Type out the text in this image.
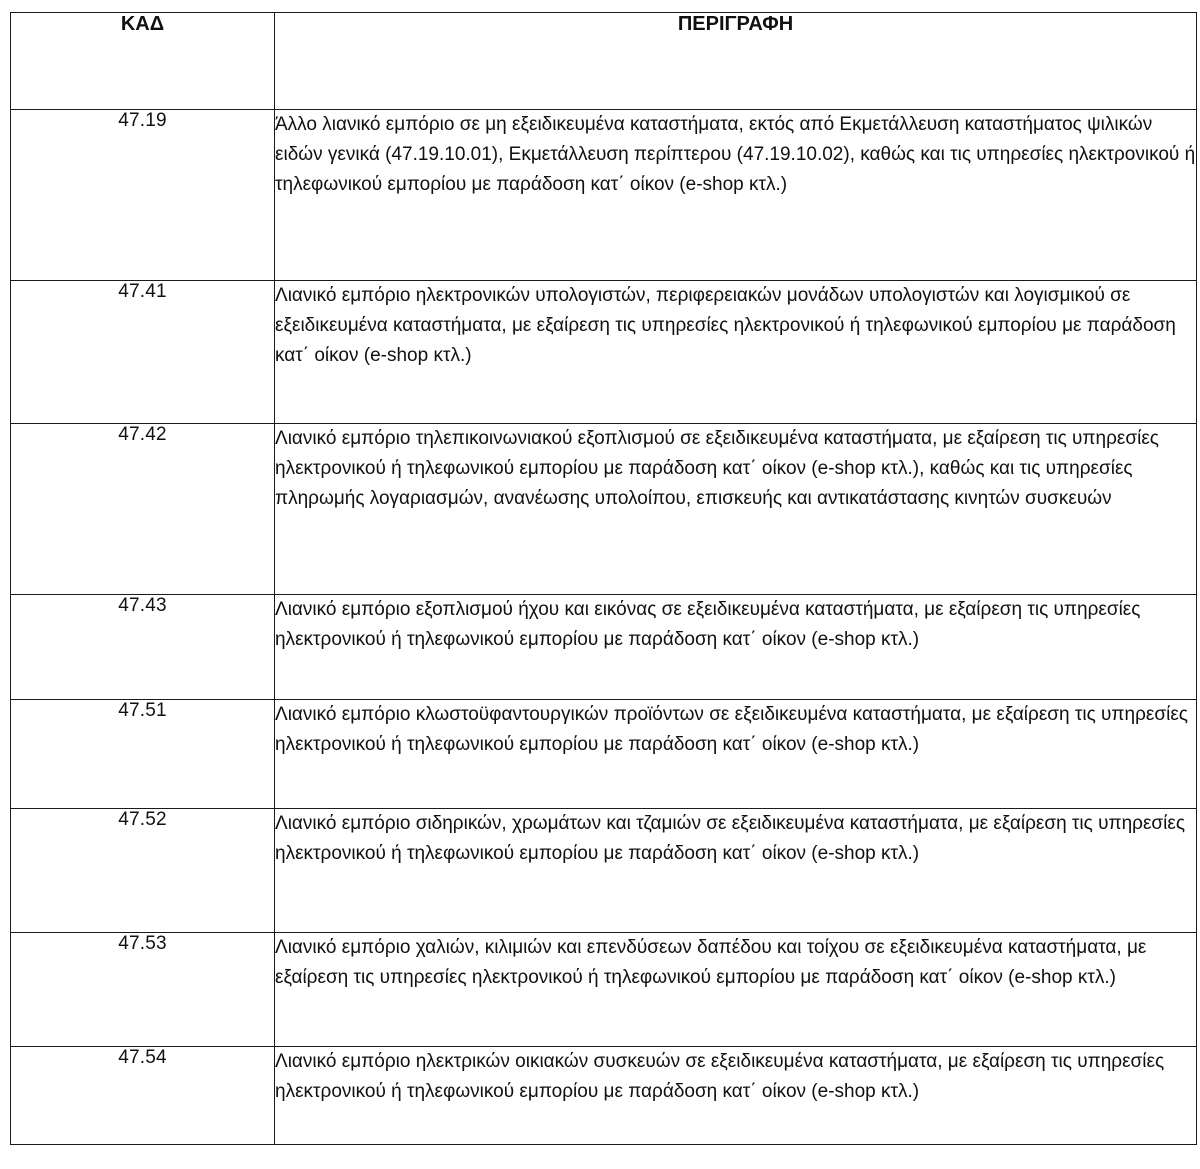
ΚΑΔ	ΠΕΡΙΓΡΑΦΗ
47.19	Άλλο λιανικό εμπόριο σε μη εξειδικευμένα καταστήματα, εκτός από Εκμετάλλευση καταστήματος ψιλικών ειδών γενικά (47.19.10.01), Εκμετάλλευση περίπτερου (47.19.10.02), καθώς και τις υπηρεσίες ηλεκτρονικού ή τηλεφωνικού εμπορίου με παράδοση κατ΄ οίκον (e-shop κτλ.)
47.41	Λιανικό εμπόριο ηλεκτρονικών υπολογιστών, περιφερειακών μονάδων υπολογιστών και λογισμικού σε εξειδικευμένα καταστήματα, με εξαίρεση τις υπηρεσίες ηλεκτρονικού ή τηλεφωνικού εμπορίου με παράδοση κατ΄ οίκον (e-shop κτλ.)
47.42	Λιανικό εμπόριο τηλεπικοινωνιακού εξοπλισμού σε εξειδικευμένα καταστήματα, με εξαίρεση τις υπηρεσίες ηλεκτρονικού ή τηλεφωνικού εμπορίου με παράδοση κατ΄ οίκον (e-shop κτλ.), καθώς και τις υπηρεσίες πληρωμής λογαριασμών, ανανέωσης υπολοίπου, επισκευής και αντικατάστασης κινητών συσκευών
47.43	Λιανικό εμπόριο εξοπλισμού ήχου και εικόνας σε εξειδικευμένα καταστήματα, με εξαίρεση τις υπηρεσίες ηλεκτρονικού ή τηλεφωνικού εμπορίου με παράδοση κατ΄ οίκον (e-shop κτλ.)
47.51	Λιανικό εμπόριο κλωστοϋφαντουργικών προϊόντων σε εξειδικευμένα καταστήματα, με εξαίρεση τις υπηρεσίες ηλεκτρονικού ή τηλεφωνικού εμπορίου με παράδοση κατ΄ οίκον (e-shop κτλ.)
47.52	Λιανικό εμπόριο σιδηρικών, χρωμάτων και τζαμιών σε εξειδικευμένα καταστήματα, με εξαίρεση τις υπηρεσίες ηλεκτρονικού ή τηλεφωνικού εμπορίου με παράδοση κατ΄ οίκον (e-shop κτλ.)
47.53	Λιανικό εμπόριο χαλιών, κιλιμιών και επενδύσεων δαπέδου και τοίχου σε εξειδικευμένα καταστήματα, με εξαίρεση τις υπηρεσίες ηλεκτρονικού ή τηλεφωνικού εμπορίου με παράδοση κατ΄ οίκον (e-shop κτλ.)
47.54	Λιανικό εμπόριο ηλεκτρικών οικιακών συσκευών σε εξειδικευμένα καταστήματα, με εξαίρεση τις υπηρεσίες ηλεκτρονικού ή τηλεφωνικού εμπορίου με παράδοση κατ΄ οίκον (e-shop κτλ.)
